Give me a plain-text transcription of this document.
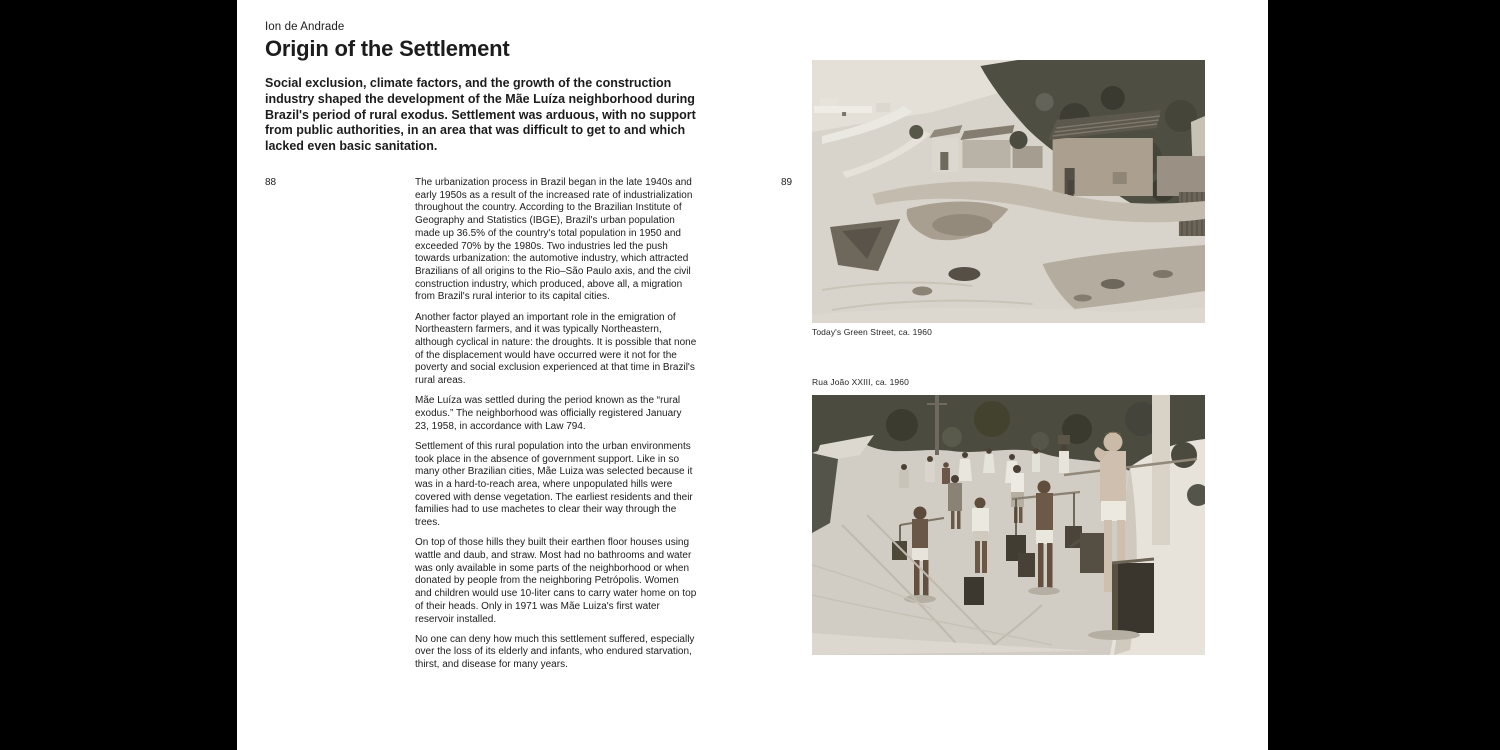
Ion de Andrade
Origin of the Settlement
Social exclusion, climate factors, and the growth of the construction industry shaped the development of the Mãe Luíza neighborhood during Brazil's period of rural exodus. Settlement was arduous, with no support from public authorities, in an area that was difficult to get to and which lacked even basic sanitation.
88	89

The urbanization process in Brazil began in the late 1940s and early 1950s as a result of the increased rate of industrialization throughout the country. According to the Brazilian Institute of Geography and Statistics (IBGE), Brazil's urban population made up 36.5% of the country's total population in 1950 and exceeded 70% by the 1980s. Two industries led the push towards urbanization: the automotive industry, which attracted Brazilians of all origins to the Rio–São Paulo axis, and the civil construction industry, which produced, above all, a migration from Brazil's rural interior to its capital cities.

Another factor played an important role in the emigration of Northeastern farmers, and it was typically Northeastern, although cyclical in nature: the droughts. It is possible that none of the displacement would have occurred were it not for the poverty and social exclusion experienced at that time in Brazil's rural areas.

Mãe Luíza was settled during the period known as the “rural exodus.” The neighborhood was officially registered January 23, 1958, in accordance with Law 794.

Settlement of this rural population into the urban environments took place in the absence of government support. Like in so many other Brazilian cities, Mãe Luiza was selected because it was in a hard-to-reach area, where unpopulated hills were covered with dense vegetation. The earliest residents and their families had to use machetes to clear their way through the trees.

On top of those hills they built their earthen floor houses using wattle and daub, and straw. Most had no bathrooms and water was only available in some parts of the neighborhood or when donated by people from the neighboring Petrópolis. Women and children would use 10-liter cans to carry water home on top of their heads. Only in 1971 was Mãe Luiza's first water reservoir installed.

No one can deny how much this settlement suffered, especially over the loss of its elderly and infants, who endured starvation, thirst, and disease for many years.

Today's Green Street, ca. 1960
Rua João XXIII, ca. 1960
